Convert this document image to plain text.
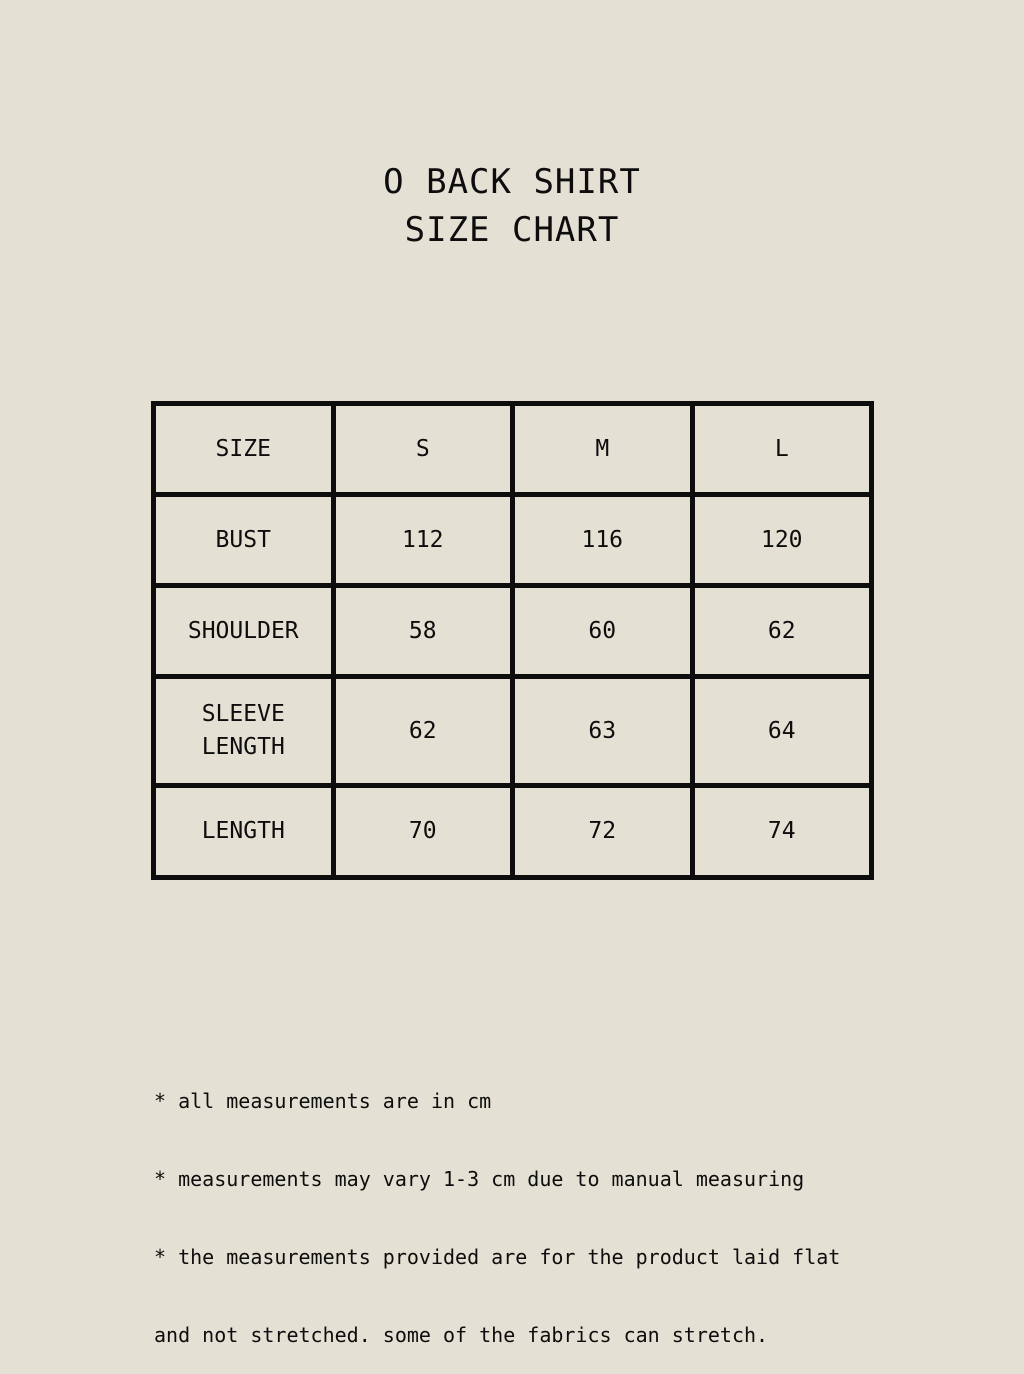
O BACK SHIRT
SIZE CHART
SIZE	S	M	L
BUST	112	116	120
SHOULDER	58	60	62
SLEEVE
LENGTH	62	63	64
LENGTH	70	72	74

* all measurements are in cm

* measurements may vary 1-3 cm due to manual measuring

* the measurements provided are for the product laid flat

and not stretched. some of the fabrics can stretch.
